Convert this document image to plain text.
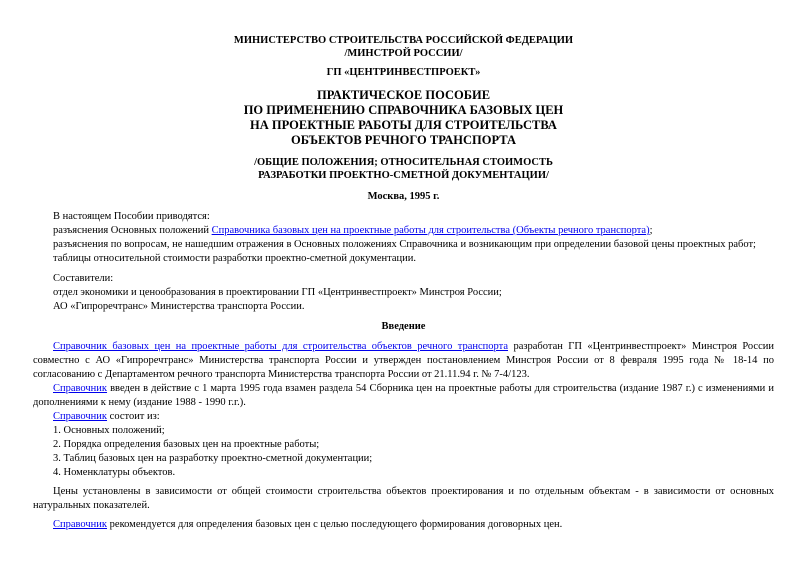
МИНИСТЕРСТВО СТРОИТЕЛЬСТВА РОССИЙСКОЙ ФЕДЕРАЦИИ
/МИНСТРОЙ РОССИИ/
ГП «ЦЕНТРИНВЕСТПРОЕКТ»
ПРАКТИЧЕСКОЕ ПОСОБИЕ
ПО ПРИМЕНЕНИЮ СПРАВОЧНИКА БАЗОВЫХ ЦЕН
НА ПРОЕКТНЫЕ РАБОТЫ ДЛЯ СТРОИТЕЛЬСТВА
ОБЪЕКТОВ РЕЧНОГО ТРАНСПОРТА
/ОБЩИЕ ПОЛОЖЕНИЯ; ОТНОСИТЕЛЬНАЯ СТОИМОСТЬ
РАЗРАБОТКИ ПРОЕКТНО-СМЕТНОЙ ДОКУМЕНТАЦИИ/
Москва, 1995 г.

В настоящем Пособии приводятся:

разъяснения Основных положений Справочника базовых цен на проектные работы для строительства (Объекты речного транспорта);

разъяснения по вопросам, не нашедшим отражения в Основных положениях Справочника и возникающим при определении базовой цены проектных работ;

таблицы относительной стоимости разработки проектно-сметной документации.

Составители:

отдел экономики и ценообразования в проектировании ГП «Центринвестпроект» Минстроя России;

АО «Гипроречтранс» Министерства транспорта России.

Введение

Справочник базовых цен на проектные работы для строительства объектов речного транспорта разработан ГП «Центринвестпроект» Минстроя России совместно с АО «Гипроречтранс» Министерства транспорта России и утвержден постановлением Минстроя России от 8 февраля 1995 года № 18-14 по согласованию с Департаментом речного транспорта Министерства транспорта России от 21.11.94 г. № 7-4/123.

Справочник введен в действие с 1 марта 1995 года взамен раздела 54 Сборника цен на проектные работы для строительства (издание 1987 г.) с изменениями и дополнениями к нему (издание 1988 - 1990 г.г.).

Справочник состоит из:

1. Основных положений;

2. Порядка определения базовых цен на проектные работы;

3. Таблиц базовых цен на разработку проектно-сметной документации;

4. Номенклатуры объектов.

Цены установлены в зависимости от общей стоимости строительства объектов проектирования и по отдельным объектам - в зависимости от основных натуральных показателей.

Справочник рекомендуется для определения базовых цен с целью последующего формирования договорных цен.
